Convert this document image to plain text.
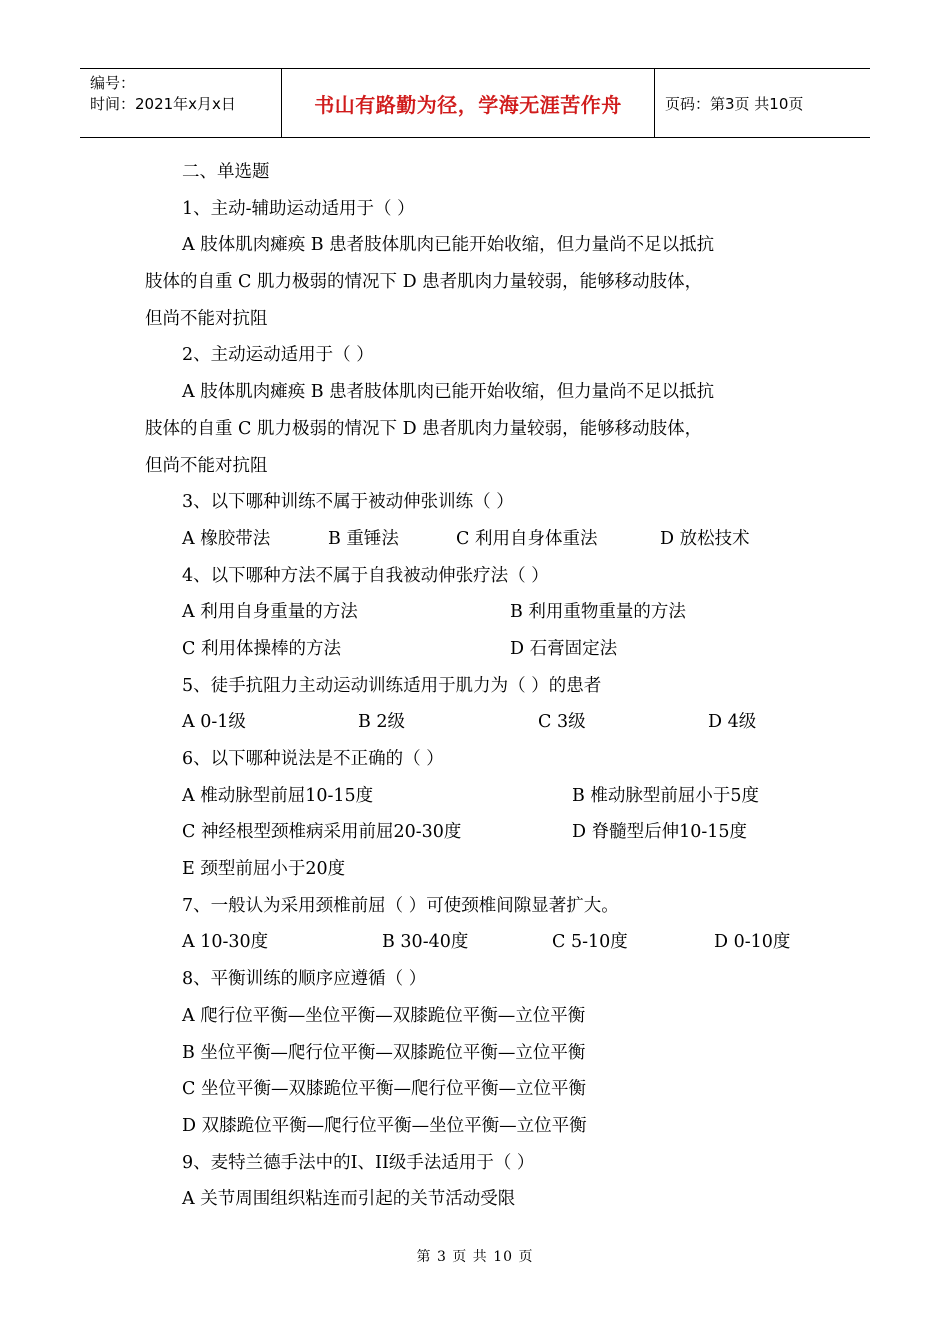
编号：
时间：2021年x月x日	书山有路勤为径，学海无涯苦作舟	页码：第3页 共10页
二、单选题
1、主动-辅助运动适用于（ ）
A 肢体肌肉瘫痪 B 患者肢体肌肉已能开始收缩，但力量尚不足以抵抗
肢体的自重 C 肌力极弱的情况下 D 患者肌肉力量较弱，能够移动肢体，
但尚不能对抗阻
2、主动运动适用于（ ）
A 肢体肌肉瘫痪 B 患者肢体肌肉已能开始收缩，但力量尚不足以抵抗
肢体的自重 C 肌力极弱的情况下 D 患者肌肉力量较弱，能够移动肢体，
但尚不能对抗阻
3、以下哪种训练不属于被动伸张训练（ ）
A 橡胶带法	B 重锤法	C 利用自身体重法	D 放松技术
4、以下哪种方法不属于自我被动伸张疗法（ ）
A 利用自身重量的方法	B 利用重物重量的方法
C 利用体操棒的方法	D 石膏固定法
5、徒手抗阻力主动运动训练适用于肌力为（ ）的患者
A 0-1级	B 2级	C 3级	D 4级
6、以下哪种说法是不正确的（ ）
A 椎动脉型前屈10-15度	B 椎动脉型前屈小于5度
C 神经根型颈椎病采用前屈20-30度	D 脊髓型后伸10-15度
E 颈型前屈小于20度
7、一般认为采用颈椎前屈（ ）可使颈椎间隙显著扩大。
A 10-30度	B 30-40度	C 5-10度	D 0-10度
8、平衡训练的顺序应遵循（ ）
A 爬行位平衡—坐位平衡—双膝跪位平衡—立位平衡
B 坐位平衡—爬行位平衡—双膝跪位平衡—立位平衡
C 坐位平衡—双膝跪位平衡—爬行位平衡—立位平衡
D 双膝跪位平衡—爬行位平衡—坐位平衡—立位平衡
9、麦特兰德手法中的I、II级手法适用于（ ）
A 关节周围组织粘连而引起的关节活动受限
第 3 页 共 10 页
